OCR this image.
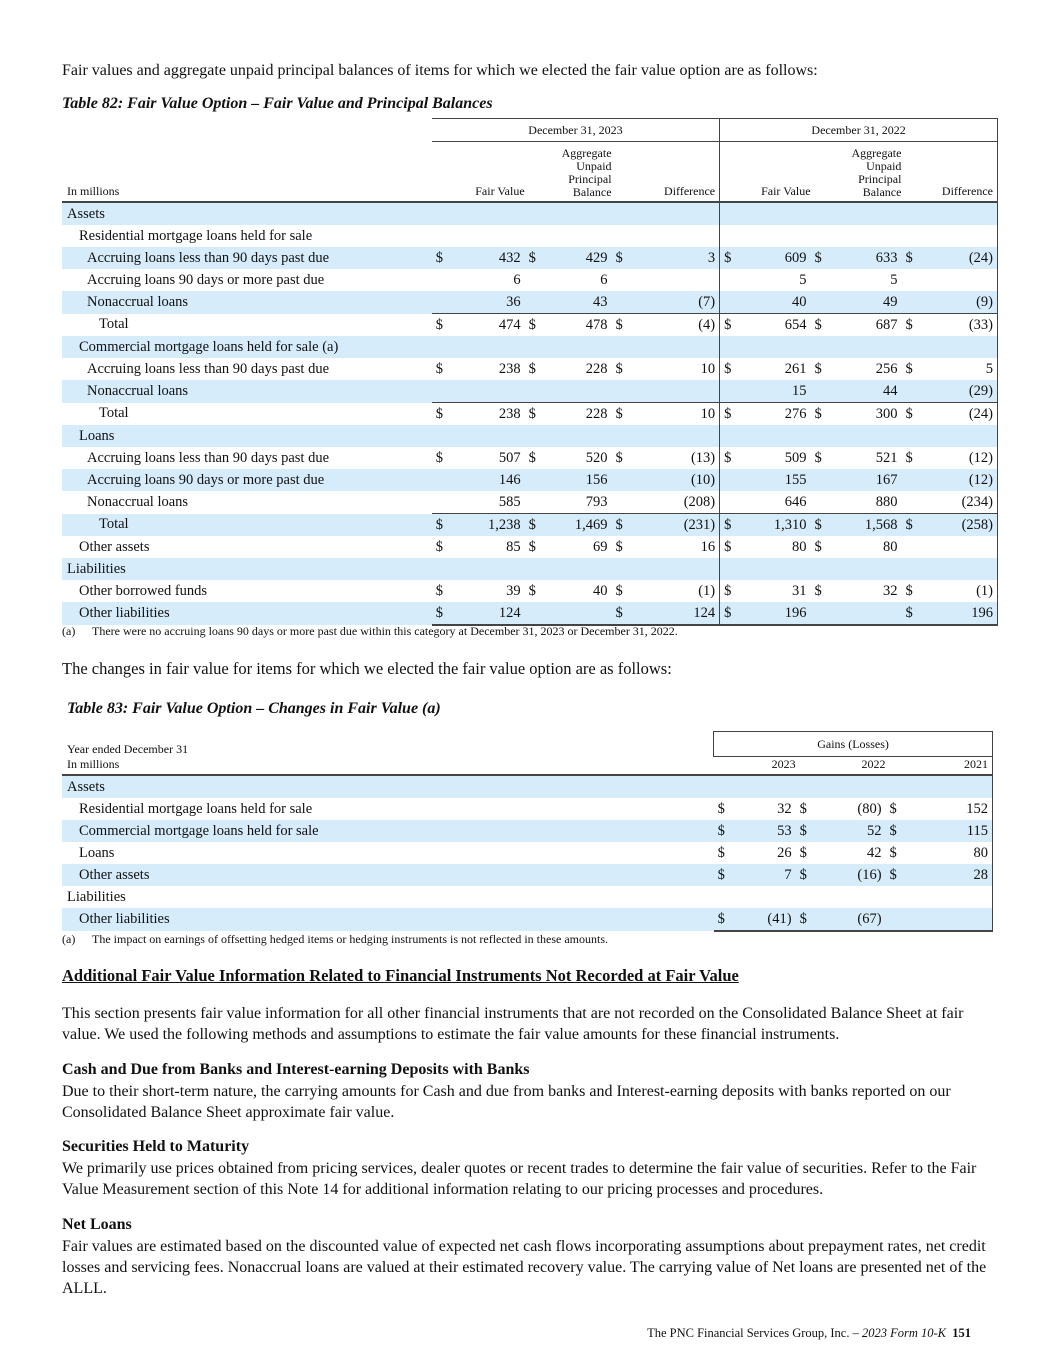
Fair values and aggregate unpaid principal balances of items for which we elected the fair value option are as follows:

Table 82: Fair Value Option – Fair Value and Principal Balances

	December 31, 2023						December 31, 2022					
In millions	Fair Value		Aggregate
Unpaid
Principal
Balance		Difference		Fair Value		Aggregate
Unpaid
Principal
Balance		Difference	
Assets												
Residential mortgage loans held for sale												
Accruing loans less than 90 days past due	$	432	$	429	$	3	$	609	$	633	$	(24)
Accruing loans 90 days or more past due		6		6				5		5		
Nonaccrual loans		36		43		(7)		40		49		(9)
Total	$	474	$	478	$	(4)	$	654	$	687	$	(33)
Commercial mortgage loans held for sale (a)												
Accruing loans less than 90 days past due	$	238	$	228	$	10	$	261	$	256	$	5
Nonaccrual loans								15		44		(29)
Total	$	238	$	228	$	10	$	276	$	300	$	(24)
Loans												
Accruing loans less than 90 days past due	$	507	$	520	$	(13)	$	509	$	521	$	(12)
Accruing loans 90 days or more past due		146		156		(10)		155		167		(12)
Nonaccrual loans		585		793		(208)		646		880		(234)
Total	$	1,238	$	1,469	$	(231)	$	1,310	$	1,568	$	(258)
Other assets	$	85	$	69	$	16	$	80	$	80		
Liabilities												
Other borrowed funds	$	39	$	40	$	(1)	$	31	$	32	$	(1)
Other liabilities	$	124			$	124	$	196			$	196

(a) There were no accruing loans 90 days or more past due within this category at December 31, 2023 or December 31, 2022.

The changes in fair value for items for which we elected the fair value option are as follows:

Table 83: Fair Value Option – Changes in Fair Value (a)

Year ended December 31	Gains (Losses)					
In millions	2023		2022		2021	
Assets						
Residential mortgage loans held for sale	$	32	$	(80)	$	152
Commercial mortgage loans held for sale	$	53	$	52	$	115
Loans	$	26	$	42	$	80
Other assets	$	7	$	(16)	$	28
Liabilities						
Other liabilities	$	(41)	$	(67)		

(a) The impact on earnings of offsetting hedged items or hedging instruments is not reflected in these amounts.

Additional Fair Value Information Related to Financial Instruments Not Recorded at Fair Value

This section presents fair value information for all other financial instruments that are not recorded on the Consolidated Balance Sheet at fair value. We used the following methods and assumptions to estimate the fair value amounts for these financial instruments.

Cash and Due from Banks and Interest-earning Deposits with Banks

Due to their short-term nature, the carrying amounts for Cash and due from banks and Interest-earning deposits with banks reported on our Consolidated Balance Sheet approximate fair value.

Securities Held to Maturity

We primarily use prices obtained from pricing services, dealer quotes or recent trades to determine the fair value of securities. Refer to the Fair Value Measurement section of this Note 14 for additional information relating to our pricing processes and procedures.

Net Loans

Fair values are estimated based on the discounted value of expected net cash flows incorporating assumptions about prepayment rates, net credit losses and servicing fees. Nonaccrual loans are valued at their estimated recovery value. The carrying value of Net loans are presented net of the ALLL.

The PNC Financial Services Group, Inc. – 2023 Form 10-K 151
